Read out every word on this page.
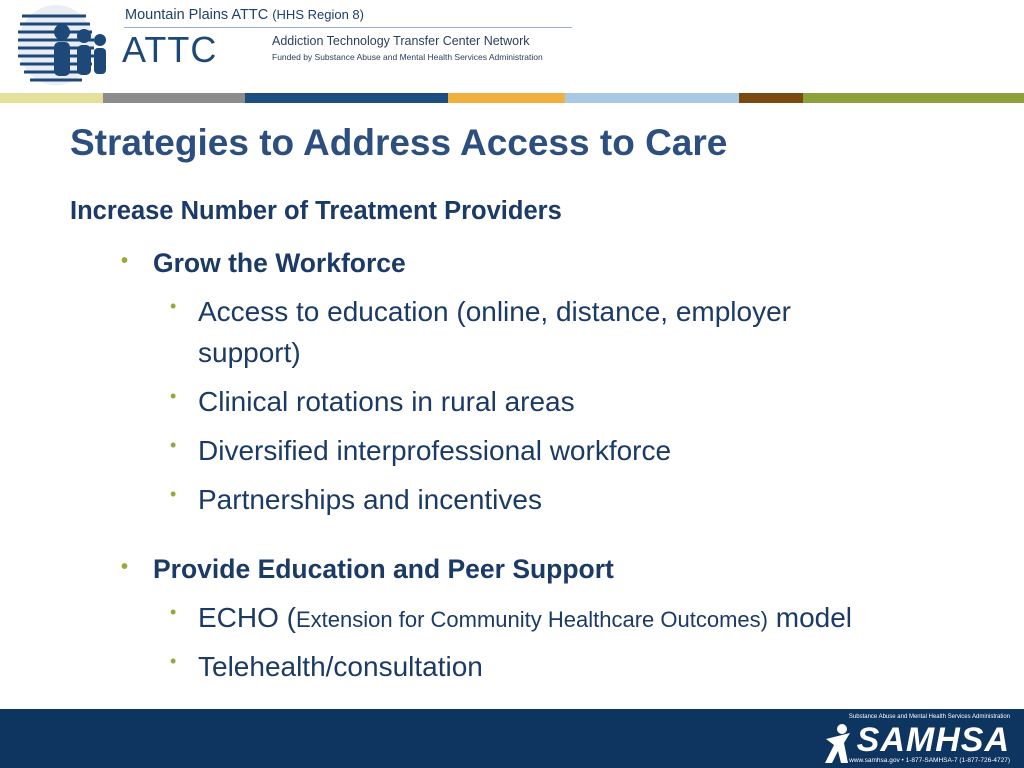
Mountain Plains ATTC (HHS Region 8)
ATTC	Addiction Technology Transfer Center Network
Funded by Substance Abuse and Mental Health Services Administration
Strategies to Address Access to Care
Increase Number of Treatment Providers
• Grow the Workforce
• Access to education (online, distance, employer
support)
• Clinical rotations in rural areas
• Diversified interprofessional workforce
• Partnerships and incentives
• Provide Education and Peer Support
• ECHO (Extension for Community Healthcare Outcomes) model
• Telehealth/consultation
Substance Abuse and Mental Health Services Administration
SAMHSA
www.samhsa.gov • 1-877-SAMHSA-7 (1-877-726-4727)
